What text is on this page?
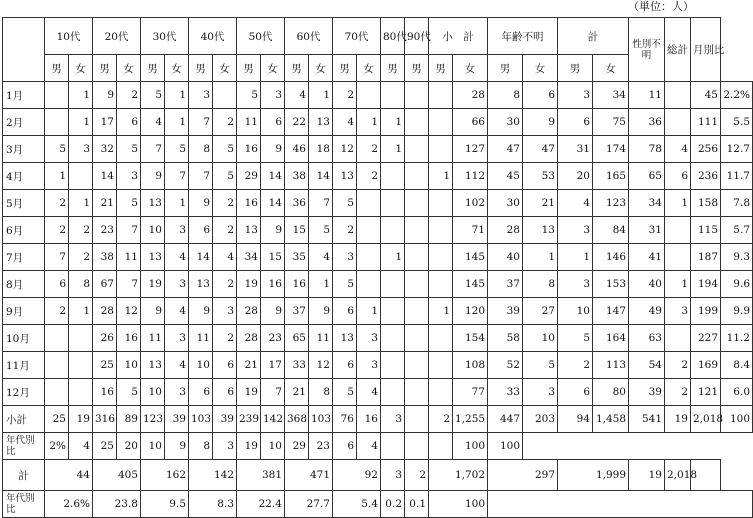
（単位：人）
	10代		20代		30代		40代		50代		60代		70代		80代	90代	小　計		年齢不明		計		性別不明	総計	月別比	
	男	女	男	女	男	女	男	女	男	女	男	女	男	女	男	男	男	女	男	女	男	女				
1月		1	9	2	5	1	3		5	3	4	1	2					28	8	6	3	34	11		45	2.2%
2月		1	17	6	4	1	7	2	11	6	22	13	4	1	1			66	30	9	6	75	36		111	5.5
3月	5	3	32	5	7	5	8	5	16	9	46	18	12	2	1			127	47	47	31	174	78	4	256	12.7
4月	1		14	3	9	7	7	5	29	14	38	14	13	2			1	112	45	53	20	165	65	6	236	11.7
5月	2	1	21	5	13	1	9	2	16	14	36	7	5					102	30	21	4	123	34	1	158	7.8
6月	2	2	23	7	10	3	6	2	13	9	15	5	2					71	28	13	3	84	31		115	5.7
7月	7	2	38	11	13	4	14	4	34	15	35	4	3		1			145	40	1	1	146	41		187	9.3
8月	6	8	67	7	19	3	13	2	19	16	16	1	5					145	37	8	3	153	40	1	194	9.6
9月	2	1	28	12	9	4	9	3	28	9	37	9	6	1			1	120	39	27	10	147	49	3	199	9.9
10月			26	16	11	3	11	2	28	23	65	11	13	3				154	58	10	5	164	63		227	11.2
11月			25	10	13	4	10	6	21	17	33	12	6	3				108	52	5	2	113	54	2	169	8.4
12月			16	5	10	3	6	6	19	7	21	8	5	4				77	33	3	6	80	39	2	121	6.0
小計	25	19	316	89	123	39	103	39	239	142	368	103	76	16	3		2	1,255	447	203	94	1,458	541	19	2,018	100
年代別比	2%	4	25	20	10	9	8	3	19	10	29	23	6	4				100	100							
計	44		405		162		142		381		471		92		3	2	1,702		297		1,999		19	2,018		
年代別比	2.6%		23.8		9.5		8.3		22.4		27.7		5.4		0.2	0.1	100									
